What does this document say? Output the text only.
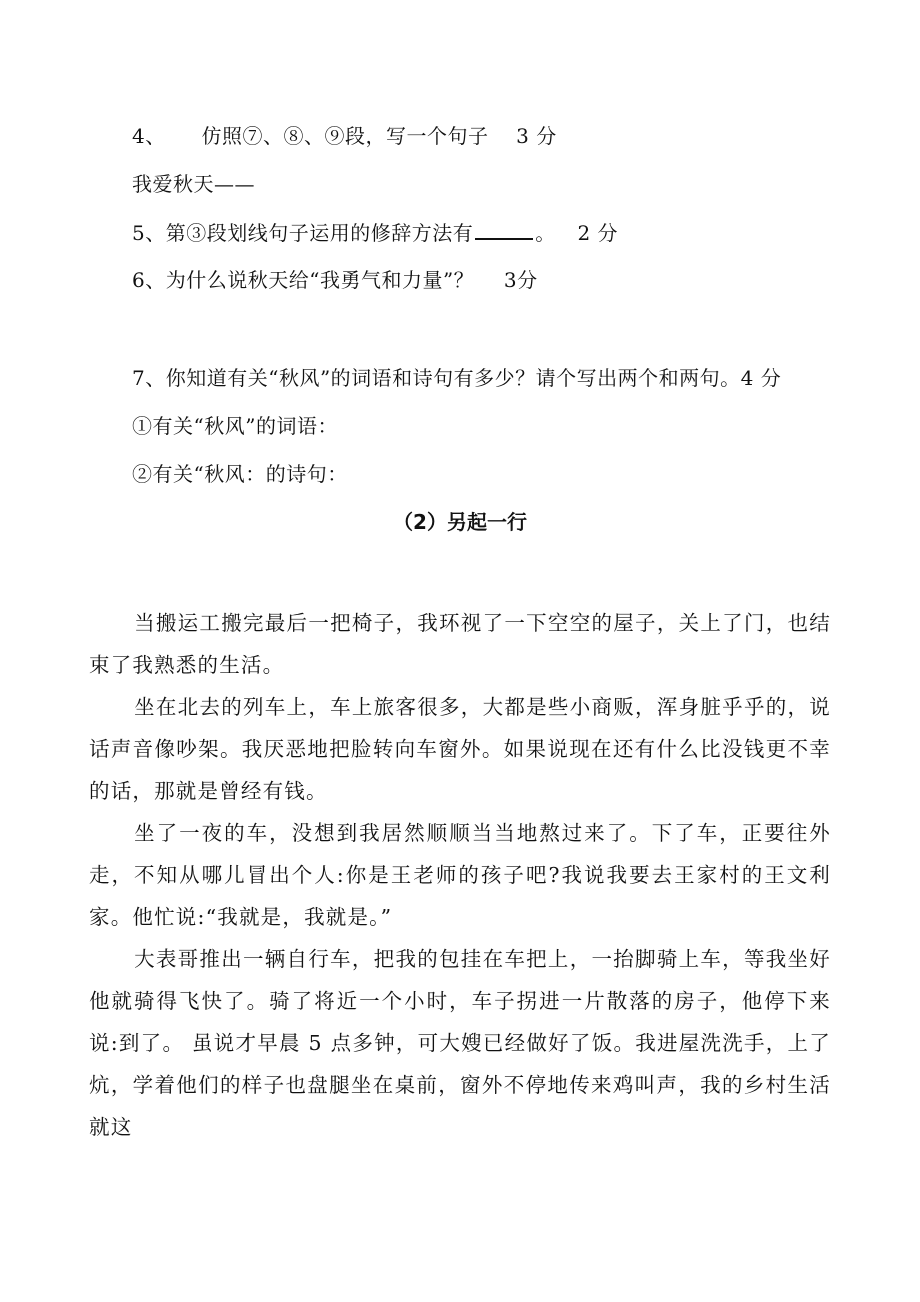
4、 仿照⑦、⑧、⑨段，写一个句子 3 分
我爱秋天——
5、第③段划线句子运用的修辞方法有	。 2 分
6、为什么说秋天给“我勇气和力量”？ 3分
7、你知道有关“秋风”的词语和诗句有多少？请个写出两个和两句。4 分
①有关“秋风”的词语：
②有关“秋风：的诗句：
（2）另起一行

当搬运工搬完最后一把椅子，我环视了一下空空的屋子，关上了门，也结束了我熟悉的生活。

坐在北去的列车上，车上旅客很多，大都是些小商贩，浑身脏乎乎的，说话声音像吵架。我厌恶地把脸转向车窗外。如果说现在还有什么比没钱更不幸的话，那就是曾经有钱。

坐了一夜的车，没想到我居然顺顺当当地熬过来了。下了车，正要往外走，不知从哪儿冒出个人:你是王老师的孩子吧?我说我要去王家村的王文利家。他忙说:“我就是，我就是。”

大表哥推出一辆自行车，把我的包挂在车把上，一抬脚骑上车，等我坐好他就骑得飞快了。骑了将近一个小时，车子拐进一片散落的房子，他停下来说:到了。 虽说才早晨 5 点多钟，可大嫂已经做好了饭。我进屋洗洗手，上了炕，学着他们的样子也盘腿坐在桌前，窗外不停地传来鸡叫声，我的乡村生活就这
